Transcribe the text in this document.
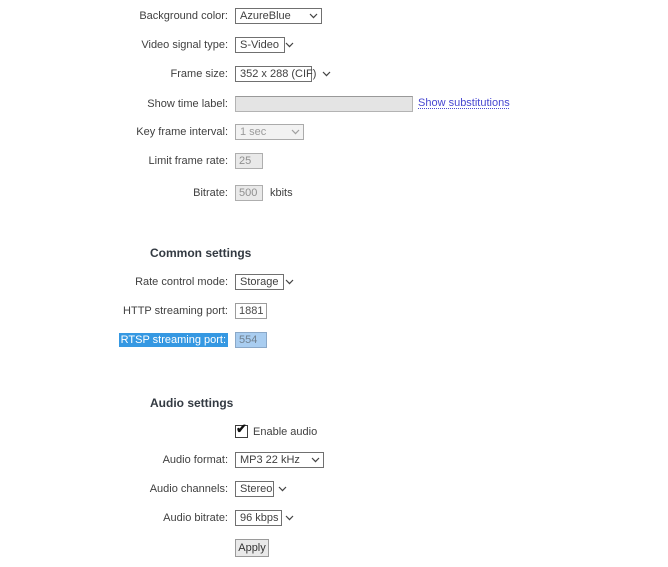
Background color: AzureBlue
Video signal type: S-Video
Frame size: 352 x 288 (CIF)
Show time label:	Show substitutions
Key frame interval: 1 sec
Limit frame rate:
25
Bitrate:
500	kbits
Common settings
Rate control mode: Storage
HTTP streaming port:
1881
RTSP streaming port:
554
Audio settings
✔ Enable audio
Audio format: MP3 22 kHz
Audio channels: Stereo
Audio bitrate: 96 kbps
Apply
